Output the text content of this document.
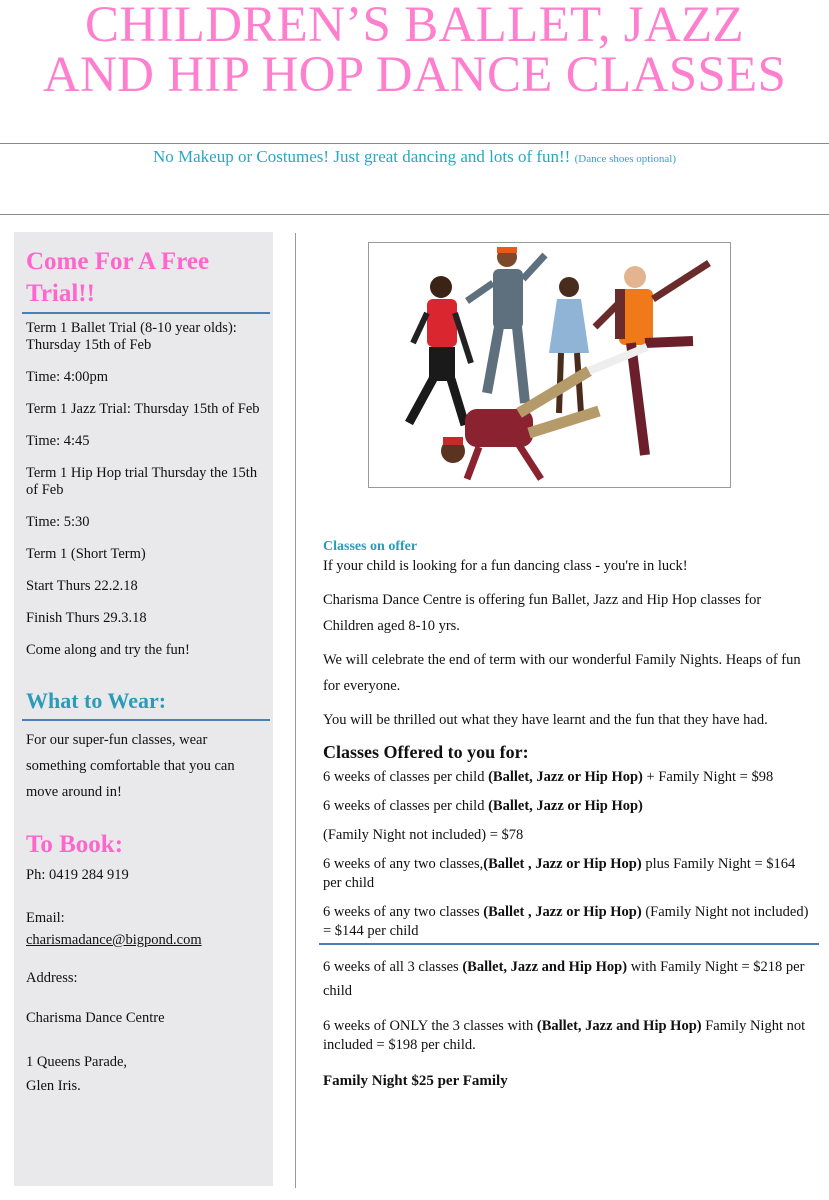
CHILDREN’S BALLET, JAZZ
AND HIP HOP DANCE CLASSES
No Makeup or Costumes! Just great dancing and lots of fun!! (Dance shoes optional)
Come For A Free Trial!!

Term 1 Ballet Trial (8-10 year olds): Thursday 15th of Feb

Time: 4:00pm

Term 1 Jazz Trial: Thursday 15th of Feb

Time: 4:45

Term 1 Hip Hop trial Thursday the 15th of Feb

Time: 5:30

Term 1 (Short Term)

Start Thurs 22.2.18

Finish Thurs 29.3.18

Come along and try the fun!

What to Wear:

For our super-fun classes, wear something comfortable that you can move around in!

To Book:

Ph: 0419 284 919

Email:
charismadance@bigpond.com

Address:

Charisma Dance Centre

1 Queens Parade,
Glen Iris.

Classes on offer

If your child is looking for a fun dancing class - you're in luck!

Charisma Dance Centre is offering fun Ballet, Jazz and Hip Hop classes for Children aged 8-10 yrs.

We will celebrate the end of term with our wonderful Family Nights. Heaps of fun for everyone.

You will be thrilled out what they have learnt and the fun that they have had.

Classes Offered to you for:

6 weeks of classes per child (Ballet, Jazz or Hip Hop) + Family Night = $98

6 weeks of classes per child (Ballet, Jazz or Hip Hop)

(Family Night not included) = $78

6 weeks of any two classes,(Ballet , Jazz or Hip Hop) plus Family Night = $164 per child

6 weeks of any two classes (Ballet , Jazz or Hip Hop) (Family Night not included) = $144 per child

6 weeks of all 3 classes (Ballet, Jazz and Hip Hop) with Family Night = $218 per child

6 weeks of ONLY the 3 classes with (Ballet, Jazz and Hip Hop) Family Night not included = $198 per child.

Family Night $25 per Family
